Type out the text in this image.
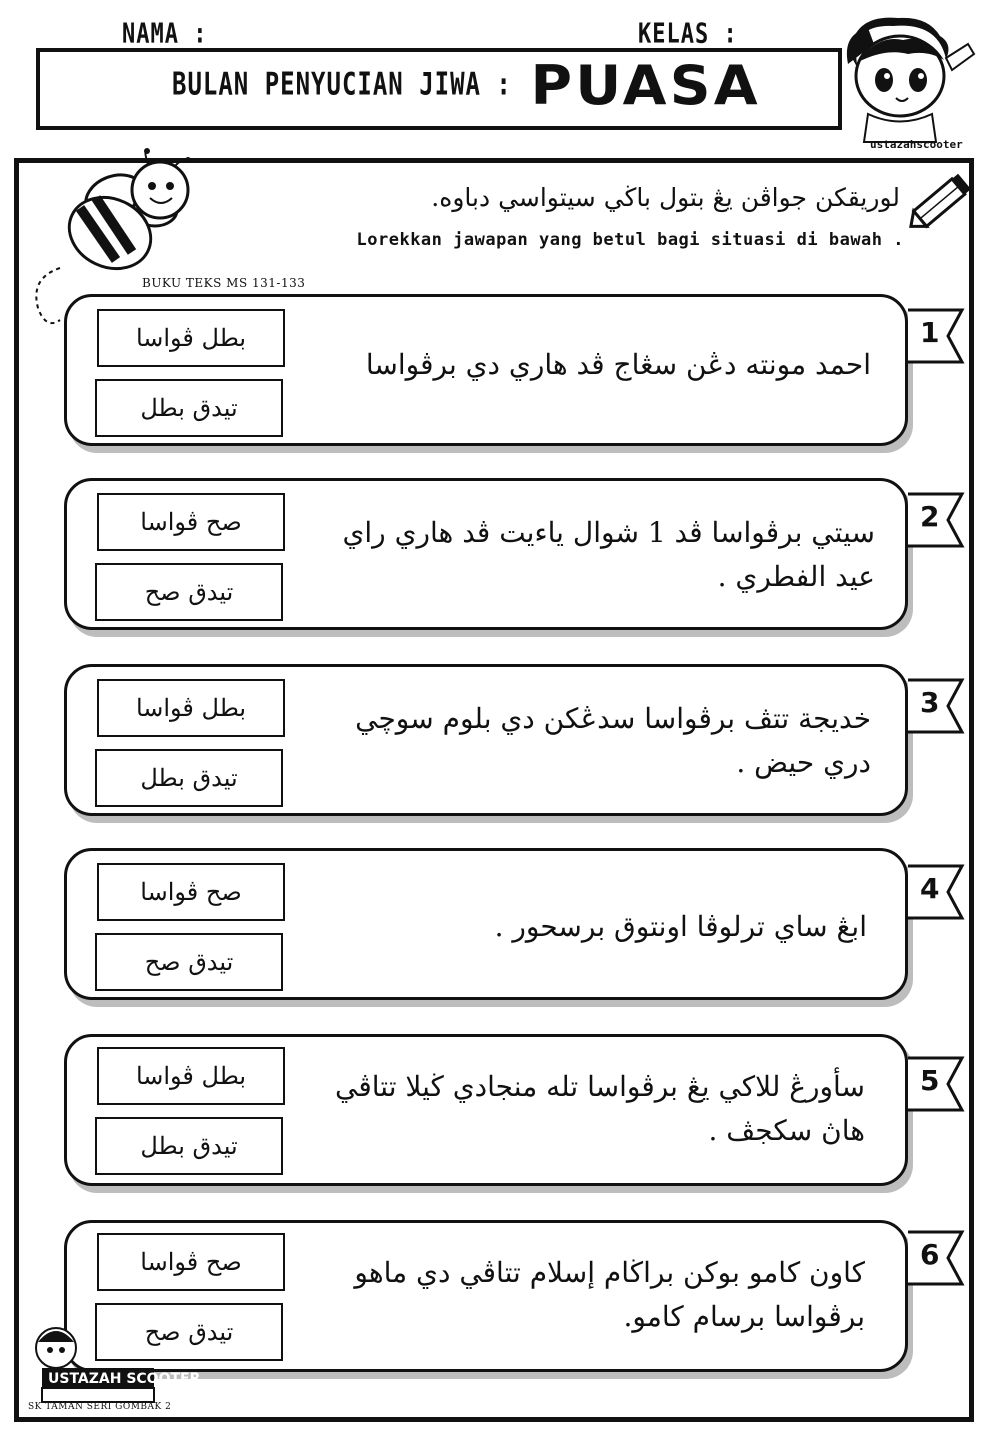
NAMA :	KELAS :
BULAN PENYUCIAN JIWA : PUASA
ustazahscooter
لوريقكن جواڤن يڠ بتول باڬي سيتواسي دباوه.
Lorekkan jawapan yang betul bagi situasi di bawah .
BUKU TEKS MS 131-133
بطل ڤواسا
تيدق بطل
احمد مونته دڠن سڠاج ڤد هاري دي برڤواسا
1
صح ڤواسا
تيدق صح
سيتي برڤواسا ڤد 1 شوال ياءيت ڤد هاري راي عيد الفطري .
2
بطل ڤواسا
تيدق بطل
خديجة تتڤ برڤواسا سدڠكن دي بلوم سوچي دري حيض .
3
صح ڤواسا
تيدق صح
ابڠ ساي ترلوڤا اونتوق برسحور .
4
بطل ڤواسا
تيدق بطل
سأورڠ للاکي يڠ برڤواسا تله منجادي ڬيلا تتاڤي هاڽ سکجڤ .
5
صح ڤواسا
تيدق صح
کاون کامو بوکن براڬام إسلام تتاڤي دي ماهو برڤواسا برسام کامو.
6
USTAZAH SCOOTER
SK TAMAN SERI GOMBAK 2
